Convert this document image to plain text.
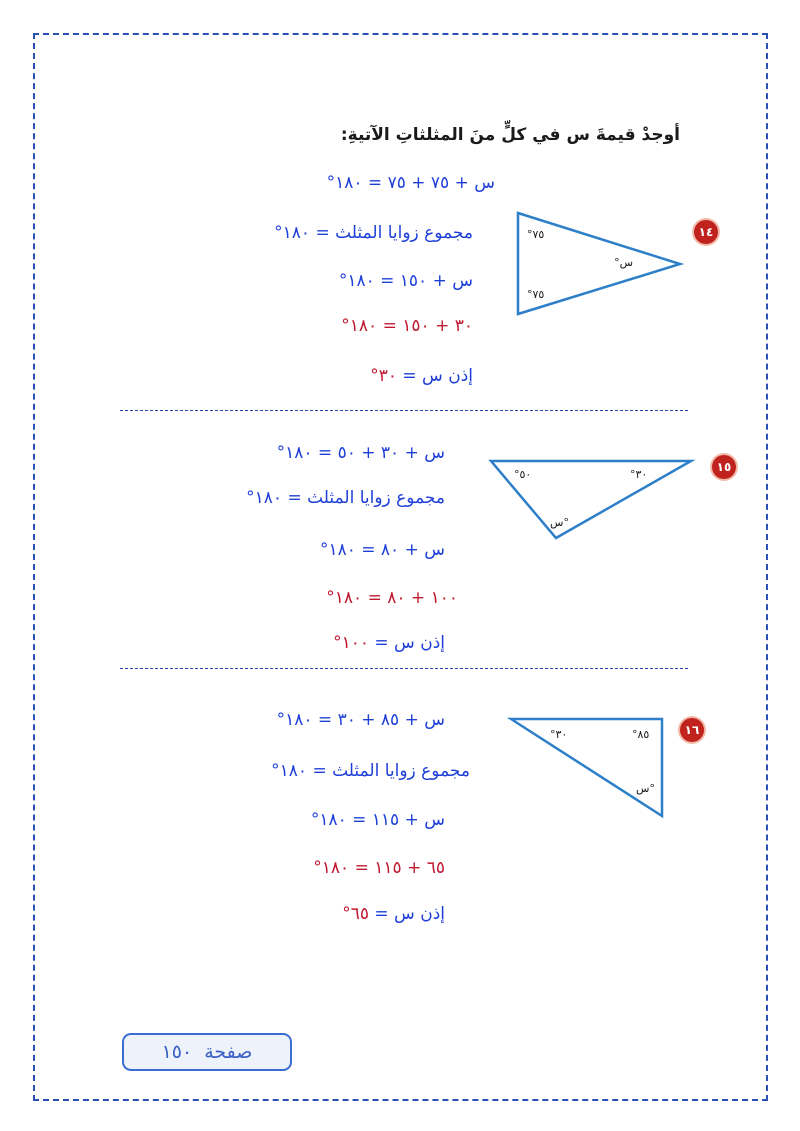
أوجدْ قيمةَ س في كلٍّ منَ المثلثاتِ الآتيةِ:
١٤
°٧٥
°٧٥
س°
س + ٧٥ + ٧٥ = ١٨٠°
مجموع زوايا المثلث = ١٨٠°
س + ١٥٠ = ١٨٠°
٣٠ + ١٥٠ = ١٨٠°
إذن س = ٣٠°
١٥
°٥٠	°٣٠
س°
س + ٣٠ + ٥٠ = ١٨٠°
مجموع زوايا المثلث = ١٨٠°
س + ٨٠ = ١٨٠°
١٠٠ + ٨٠ = ١٨٠°
إذن س = ١٠٠°
١٦
°٣٠	°٨٥
س°
س + ٨٥ + ٣٠ = ١٨٠°
مجموع زوايا المثلث = ١٨٠°
س + ١١٥ = ١٨٠°
٦٥ + ١١٥ = ١٨٠°
إذن س = ٦٥°
صفحة
١٥٠
